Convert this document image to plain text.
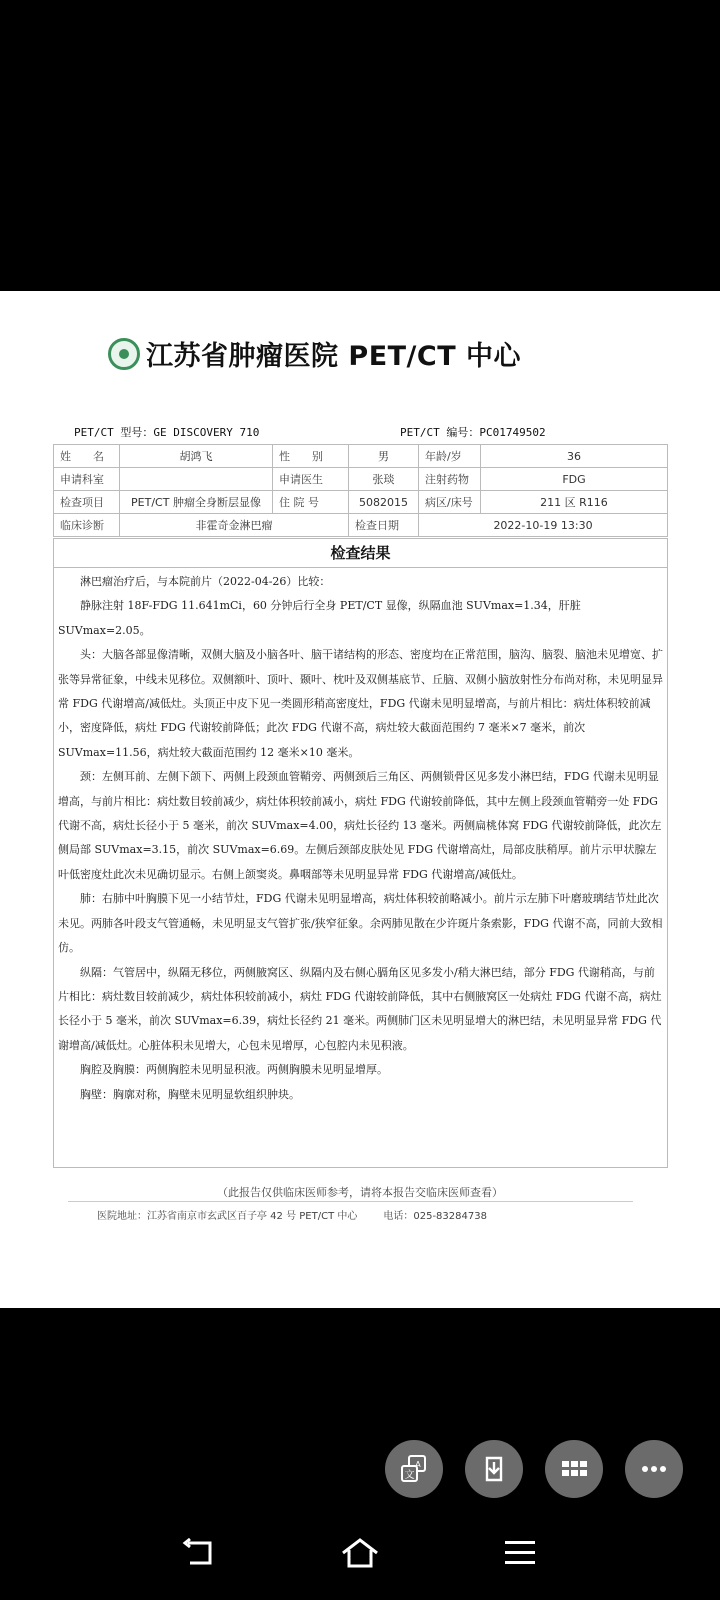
江苏省肿瘤医院 PET/CT 中心
PET/CT 型号：GE DISCOVERY 710	PET/CT 编号：PC01749502
姓　　名	胡鸿飞	性　　别	男	年龄/岁	36
申请科室		申请医生	张琰	注射药物	FDG
检查项目	PET/CT 肿瘤全身断层显像	住 院 号	5082015	病区/床号	211 区 R116
临床诊断	非霍奇金淋巴瘤		检查日期	2022-10-19 13:30	
检查结果

淋巴瘤治疗后，与本院前片（2022-04-26）比较：

静脉注射 18F-FDG 11.641mCi，60 分钟后行全身 PET/CT 显像，纵隔血池 SUVmax=1.34，肝脏 SUVmax=2.05。

头：大脑各部显像清晰，双侧大脑及小脑各叶、脑干诸结构的形态、密度均在正常范围，脑沟、脑裂、脑池未见增宽、扩张等异常征象，中线未见移位。双侧额叶、顶叶、颞叶、枕叶及双侧基底节、丘脑、双侧小脑放射性分布尚对称，未见明显异常 FDG 代谢增高/减低灶。头顶正中皮下见一类圆形稍高密度灶，FDG 代谢未见明显增高，与前片相比：病灶体积较前减小，密度降低，病灶 FDG 代谢较前降低；此次 FDG 代谢不高，病灶较大截面范围约 7 毫米×7 毫米，前次 SUVmax=11.56，病灶较大截面范围约 12 毫米×10 毫米。

颈：左侧耳前、左侧下颌下、两侧上段颈血管鞘旁、两侧颈后三角区、两侧锁骨区见多发小淋巴结，FDG 代谢未见明显增高，与前片相比：病灶数目较前减少，病灶体积较前减小，病灶 FDG 代谢较前降低，其中左侧上段颈血管鞘旁一处 FDG 代谢不高，病灶长径小于 5 毫米，前次 SUVmax=4.00，病灶长径约 13 毫米。两侧扁桃体窝 FDG 代谢较前降低，此次左侧局部 SUVmax=3.15，前次 SUVmax=6.69。左侧后颈部皮肤处见 FDG 代谢增高灶，局部皮肤稍厚。前片示甲状腺左叶低密度灶此次未见确切显示。右侧上颌窦炎。鼻咽部等未见明显异常 FDG 代谢增高/减低灶。

肺：右肺中叶胸膜下见一小结节灶，FDG 代谢未见明显增高，病灶体积较前略减小。前片示左肺下叶磨玻璃结节灶此次未见。两肺各叶段支气管通畅，未见明显支气管扩张/狭窄征象。余两肺见散在少许斑片条索影，FDG 代谢不高，同前大致相仿。

纵隔：气管居中，纵隔无移位，两侧腋窝区、纵隔内及右侧心膈角区见多发小/稍大淋巴结，部分 FDG 代谢稍高，与前片相比：病灶数目较前减少，病灶体积较前减小，病灶 FDG 代谢较前降低，其中右侧腋窝区一处病灶 FDG 代谢不高，病灶长径小于 5 毫米，前次 SUVmax=6.39，病灶长径约 21 毫米。两侧肺门区未见明显增大的淋巴结，未见明显异常 FDG 代谢增高/减低灶。心脏体积未见增大，心包未见增厚，心包腔内未见积液。

胸腔及胸膜：两侧胸腔未见明显积液。两侧胸膜未见明显增厚。

胸壁：胸廓对称，胸壁未见明显软组织肿块。

（此报告仅供临床医师参考，请将本报告交临床医师查看）
医院地址：江苏省南京市玄武区百子亭 42 号 PET/CT 中心	电话：025-83284738
文
A
